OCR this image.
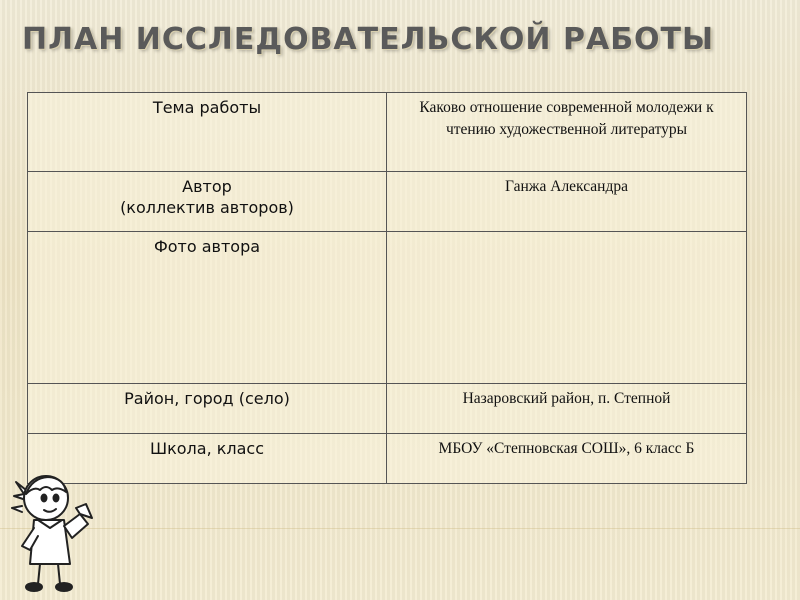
ПЛАН ИССЛЕДОВАТЕЛЬСКОЙ РАБОТЫ
Тема работы	Каково отношение современной молодежи к чтению художественной литературы

Автор
(коллектив авторов)	Ганжа Александра
Фото автора	
Район, город (село)	Назаровский район, п. Степной
Школа, класс	МБОУ «Степновская СОШ», 6 класс Б
